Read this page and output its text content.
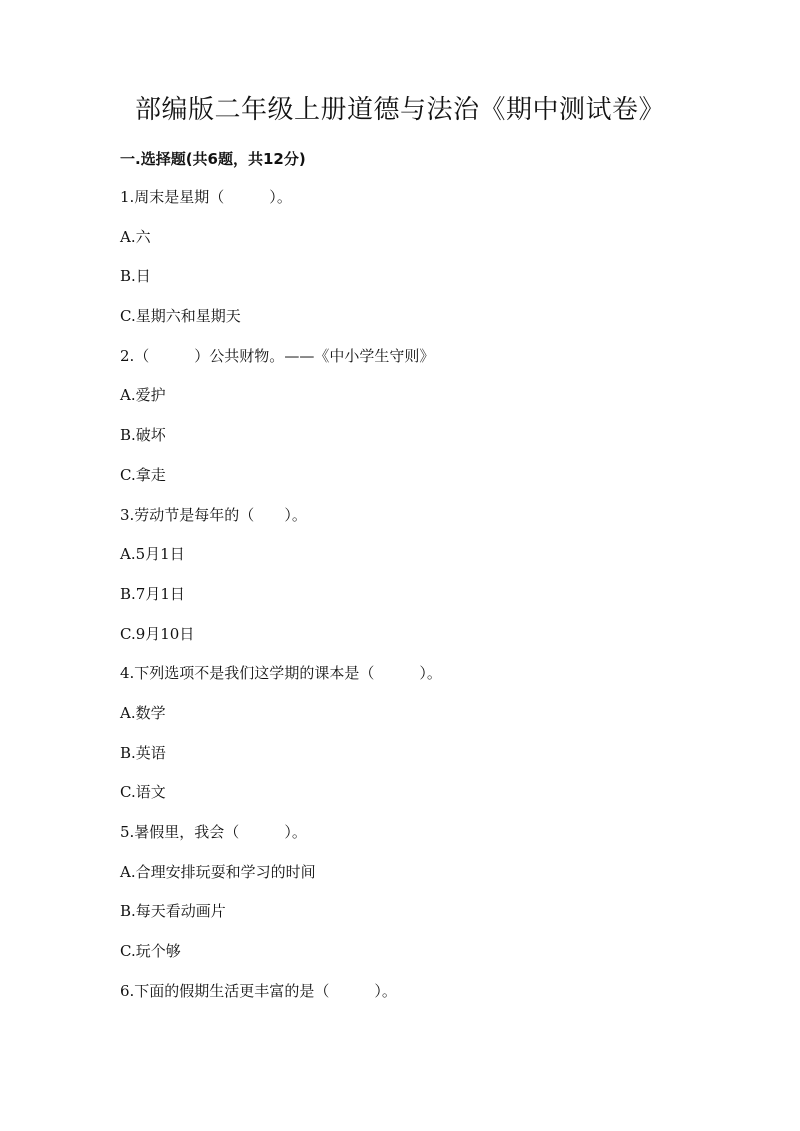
部编版二年级上册道德与法治《期中测试卷》
一.选择题(共6题，共12分)
1.周末是星期（　　　）。
A.六
B.日
C.星期六和星期天
2.（　　　）公共财物。——《中小学生守则》
A.爱护
B.破坏
C.拿走
3.劳动节是每年的（　　）。
A.5月1日
B.7月1日
C.9月10日
4.下列选项不是我们这学期的课本是（　　　）。
A.数学
B.英语
C.语文
5.暑假里，我会（　　　）。
A.合理安排玩耍和学习的时间
B.每天看动画片
C.玩个够
6.下面的假期生活更丰富的是（　　　）。
